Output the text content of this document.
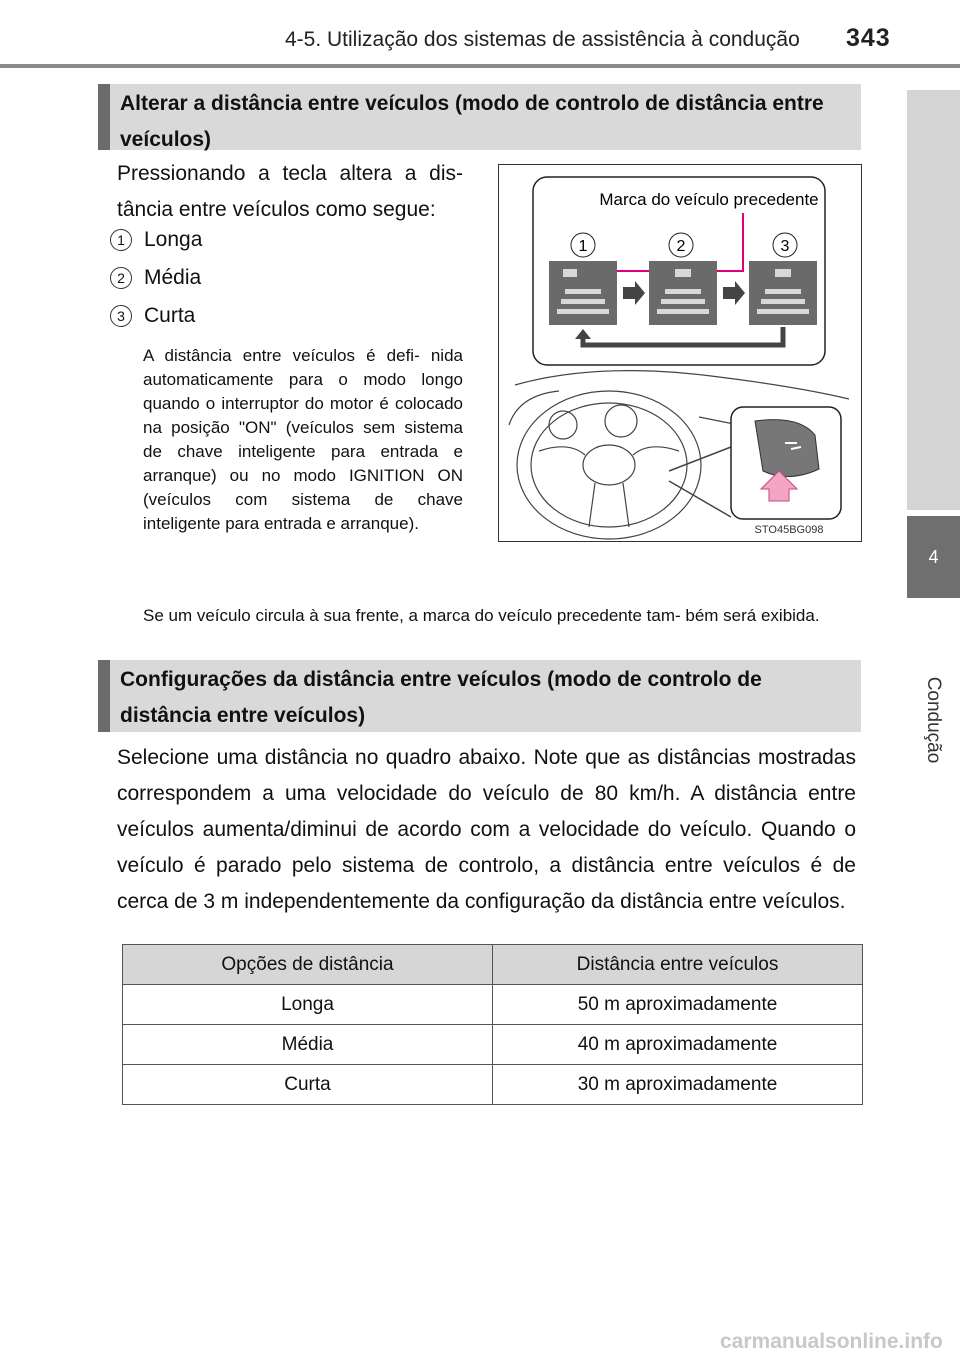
4-5. Utilização dos sistemas de assistência à condução 343
4
Condução
Alterar a distância entre veículos (modo de controlo de distância entre veículos)
Pressionando a tecla altera a dis- tância entre veículos como segue:
1 Longa
2 Média
3 Curta
A distância entre veículos é defi- nida automaticamente para o modo longo quando o interruptor do motor é colocado na posição "ON" (veículos sem sistema de chave inteligente para entrada e arranque) ou no modo IGNITION ON (veículos com sistema de chave inteligente para entrada e arranque).
Se um veículo circula à sua frente, a marca do veículo precedente tam- bém será exibida.
1	2	3
Marca do veículo precedente
STO45BG098
Configurações da distância entre veículos (modo de controlo de distância entre veículos)
Selecione uma distância no quadro abaixo. Note que as distâncias mostradas correspondem a uma velocidade do veículo de 80 km/h. A distância entre veículos aumenta/diminui de acordo com a velocidade do veículo. Quando o veículo é parado pelo sistema de controlo, a distância entre veículos é de cerca de 3 m independentemente da configuração da distância entre veículos.
Opções de distância	Distância entre veículos
Longa	50 m aproximadamente
Média	40 m aproximadamente
Curta	30 m aproximadamente
carmanualsonline.info
